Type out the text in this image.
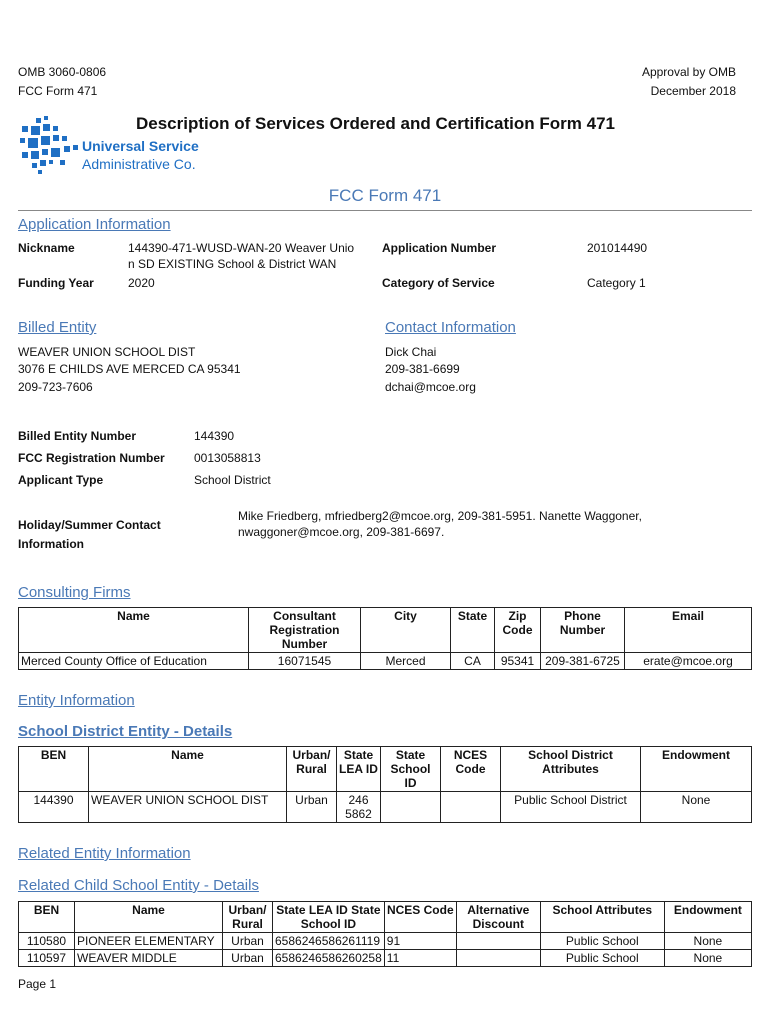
OMB 3060-0806
FCC Form 471
Approval by OMB
December 2018
Universal Service
Administrative Co.
Description of Services Ordered and Certification Form 471
FCC Form 471
Application Information
Nickname	144390-471-WUSD-WAN-20 Weaver Unio
n SD EXISTING School & District WAN
Funding Year	2020
Application Number	201014490
Category of Service	Category 1
Billed Entity
WEAVER UNION SCHOOL DIST
3076 E CHILDS AVE MERCED CA 95341
209-723-7606
Contact Information
Dick Chai
209-381-6699
dchai@mcoe.org
Billed Entity Number	144390
FCC Registration Number 0013058813
Applicant Type	School District
Holiday/Summer Contact
Information
Mike Friedberg, mfriedberg2@mcoe.org, 209-381-5951. Nanette Waggoner,
nwaggoner@mcoe.org, 209-381-6697.
Consulting Firms
Name	Consultant Registration Number	City	State	Zip Code	Phone Number	Email
Merced County Office of Education	16071545	Merced	CA	95341	209-381-6725	erate@mcoe.org
Entity Information
School District Entity - Details
BEN	Name	Urban/ Rural	State LEA ID	State School ID	NCES Code	School District Attributes	Endowment
144390	WEAVER UNION SCHOOL DIST	Urban	246 5862			Public School District	None
Related Entity Information
Related Child School Entity - Details
BEN	Name	Urban/ Rural	State LEA ID State School ID	NCES Code	Alternative Discount	School Attributes	Endowment
110580	PIONEER ELEMENTARY	Urban	6586246586261119	91		Public School	None
110597	WEAVER MIDDLE	Urban	6586246586260258	11		Public School	None
Page 1
